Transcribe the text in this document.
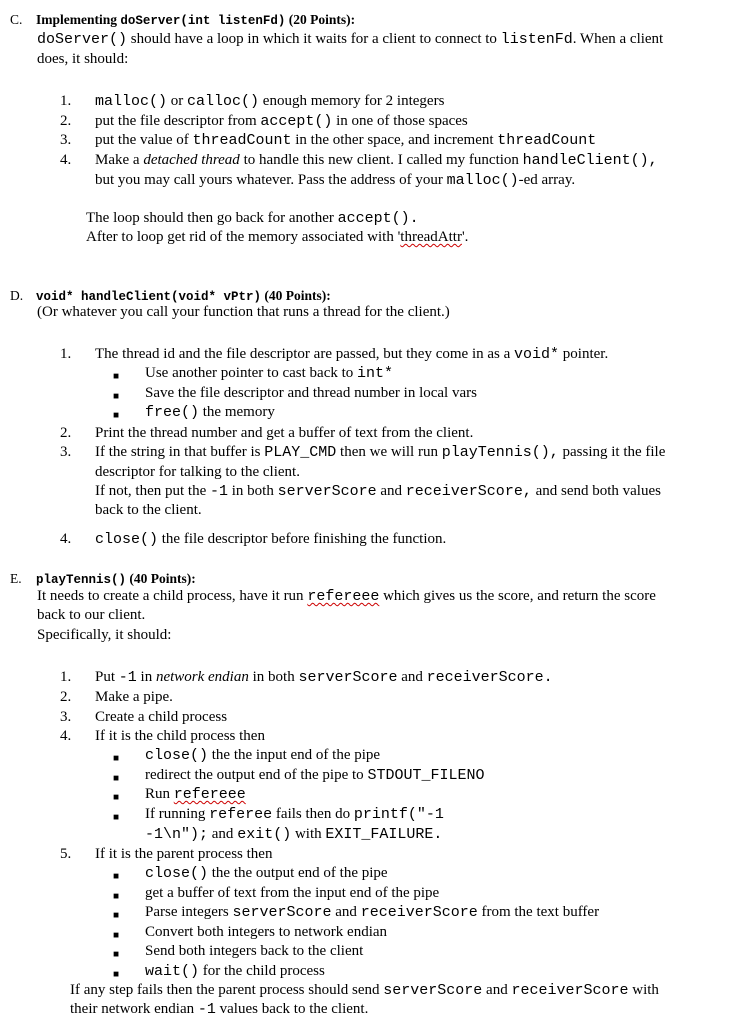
C. Implementing doServer(int listenFd) (20 Points):
doServer() should have a loop in which it waits for a client to connect to listenFd. When a client
does, it should:
1. malloc() or calloc() enough memory for 2 integers
2. put the file descriptor from accept() in one of those spaces
3. put the value of threadCount in the other space, and increment threadCount
4. Make a detached thread to handle this new client. I called my function handleClient(),
but you may call yours whatever. Pass the address of your malloc()-ed array.
The loop should then go back for another accept().
After to loop get rid of the memory associated with 'threadAttr'.
D. void* handleClient(void* vPtr) (40 Points):
(Or whatever you call your function that runs a thread for the client.)
1. The thread id and the file descriptor are passed, but they come in as a void* pointer.
■ Use another pointer to cast back to int*
■ Save the file descriptor and thread number in local vars
■ free() the memory
2. Print the thread number and get a buffer of text from the client.
3. If the string in that buffer is PLAY_CMD then we will run playTennis(), passing it the file
descriptor for talking to the client.
If not, then put the -1 in both serverScore and receiverScore, and send both values
back to the client.
4. close() the file descriptor before finishing the function.
E. playTennis() (40 Points):
It needs to create a child process, have it run refereee which gives us the score, and return the score
back to our client.
Specifically, it should:
1. Put -1 in network endian in both serverScore and receiverScore.
2. Make a pipe.
3. Create a child process
4. If it is the child process then
■ close() the the input end of the pipe
■ redirect the output end of the pipe to STDOUT_FILENO
■ Run refereee
■ If running referee fails then do printf("-1
-1\n"); and exit() with EXIT_FAILURE.
5. If it is the parent process then
■ close() the the output end of the pipe
■ get a buffer of text from the input end of the pipe
■ Parse integers serverScore and receiverScore from the text buffer
■ Convert both integers to network endian
■ Send both integers back to the client
■ wait() for the child process
If any step fails then the parent process should send serverScore and receiverScore with
their network endian -1 values back to the client.
